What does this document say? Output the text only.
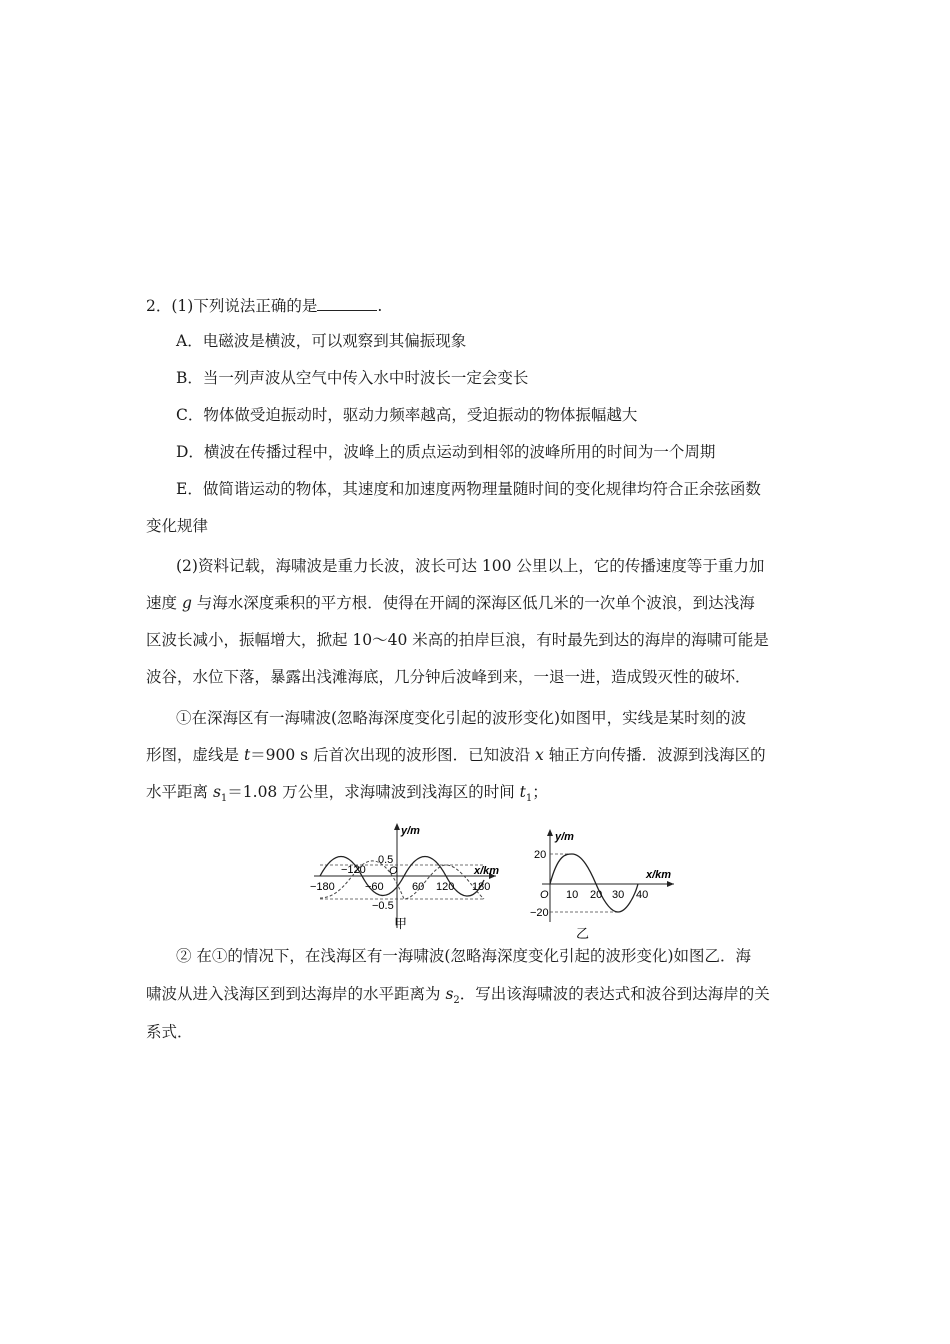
2．(1)下列说法正确的是	.
A．电磁波是横波，可以观察到其偏振现象
B．当一列声波从空气中传入水中时波长一定会变长
C．物体做受迫振动时，驱动力频率越高，受迫振动的物体振幅越大
D．横波在传播过程中，波峰上的质点运动到相邻的波峰所用的时间为一个周期
E．做简谐运动的物体，其速度和加速度两物理量随时间的变化规律均符合正余弦函数
变化规律
(2)资料记载，海啸波是重力长波，波长可达 100 公里以上，它的传播速度等于重力加
速度 g 与海水深度乘积的平方根．使得在开阔的深海区低几米的一次单个波浪，到达浅海
区波长减小，振幅增大，掀起 10～40 米高的拍岸巨浪，有时最先到达的海岸的海啸可能是
波谷，水位下落，暴露出浅滩海底，几分钟后波峰到来，一退一进，造成毁灭性的破坏．
①在深海区有一海啸波(忽略海深度变化引起的波形变化)如图甲，实线是某时刻的波
形图，虚线是 t＝900 s 后首次出现的波形图．已知波沿 x 轴正方向传播．波源到浅海区的
水平距离 $s_1=1.08$ 万公里，求海啸波到浅海区的时间 $t_1$；
y/m
x/km
0.5
−0.5
O
−180
−120
−60	60 120 180
甲
y/m
x/km
20
−20
O 10 20 30 40
乙
② 在①的情况下，在浅海区有一海啸波(忽略海深度变化引起的波形变化)如图乙．海
啸波从进入浅海区到到达海岸的水平距离为 $s_2$．写出该海啸波的表达式和波谷到达海岸的关
系式．
